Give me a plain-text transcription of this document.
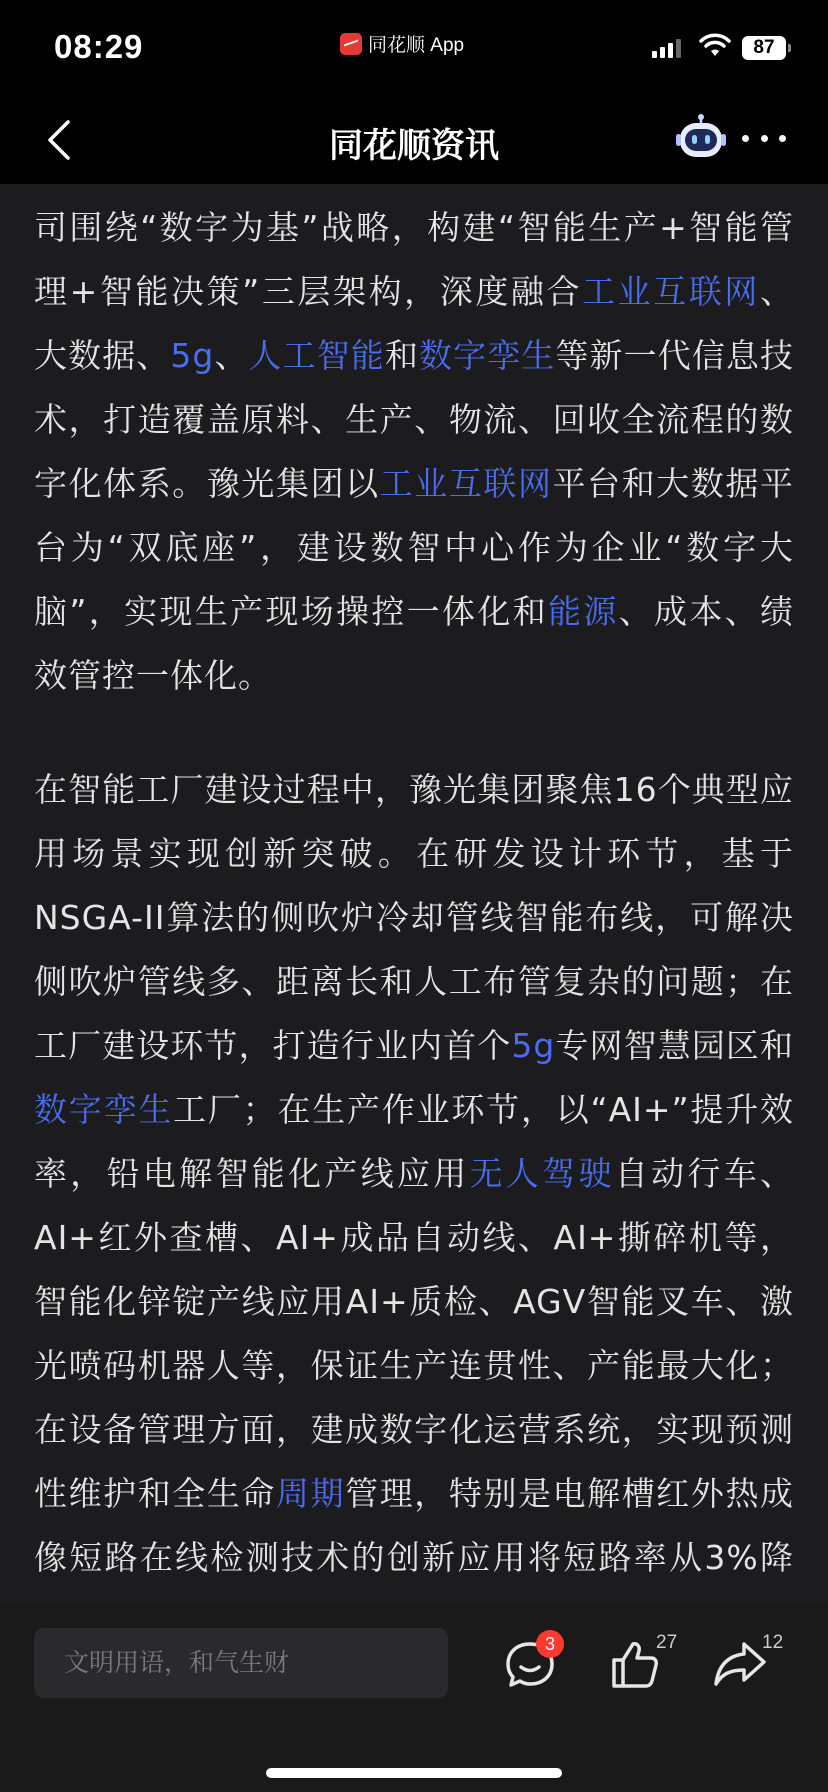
08:29	同花顺 App	87
同花顺资讯

司围绕“数字为基”战略，构建“智能生产+智能管理+智能决策”三层架构，深度融合工业互联网、大数据、5g、人工智能和数字孪生等新一代信息技术，打造覆盖原料、生产、物流、回收全流程的数字化体系。豫光集团以工业互联网平台和大数据平台为“双底座”，建设数智中心作为企业“数字大脑”，实现生产现场操控一体化和能源、成本、绩效管控一体化。

在智能工厂建设过程中，豫光集团聚焦16个典型应用场景实现创新突破。在研发设计环节，基于NSGA-II算法的侧吹炉冷却管线智能布线，可解决侧吹炉管线多、距离长和人工布管复杂的问题；在工厂建设环节，打造行业内首个5g专网智慧园区和数字孪生工厂；在生产作业环节，以“AI+”提升效率，铅电解智能化产线应用无人驾驶自动行车、AI+红外查槽、AI+成品自动线、AI+撕碎机等，智能化锌锭产线应用AI+质检、AGV智能叉车、激光喷码机器人等，保证生产连贯性、产能最大化；在设备管理方面，建成数字化运营系统，实现预测性维护和全生命周期管理，特别是电解槽红外热成像短路在线检测技术的创新应用将短路率从3%降

文明用语，和气生财
3	27	12
